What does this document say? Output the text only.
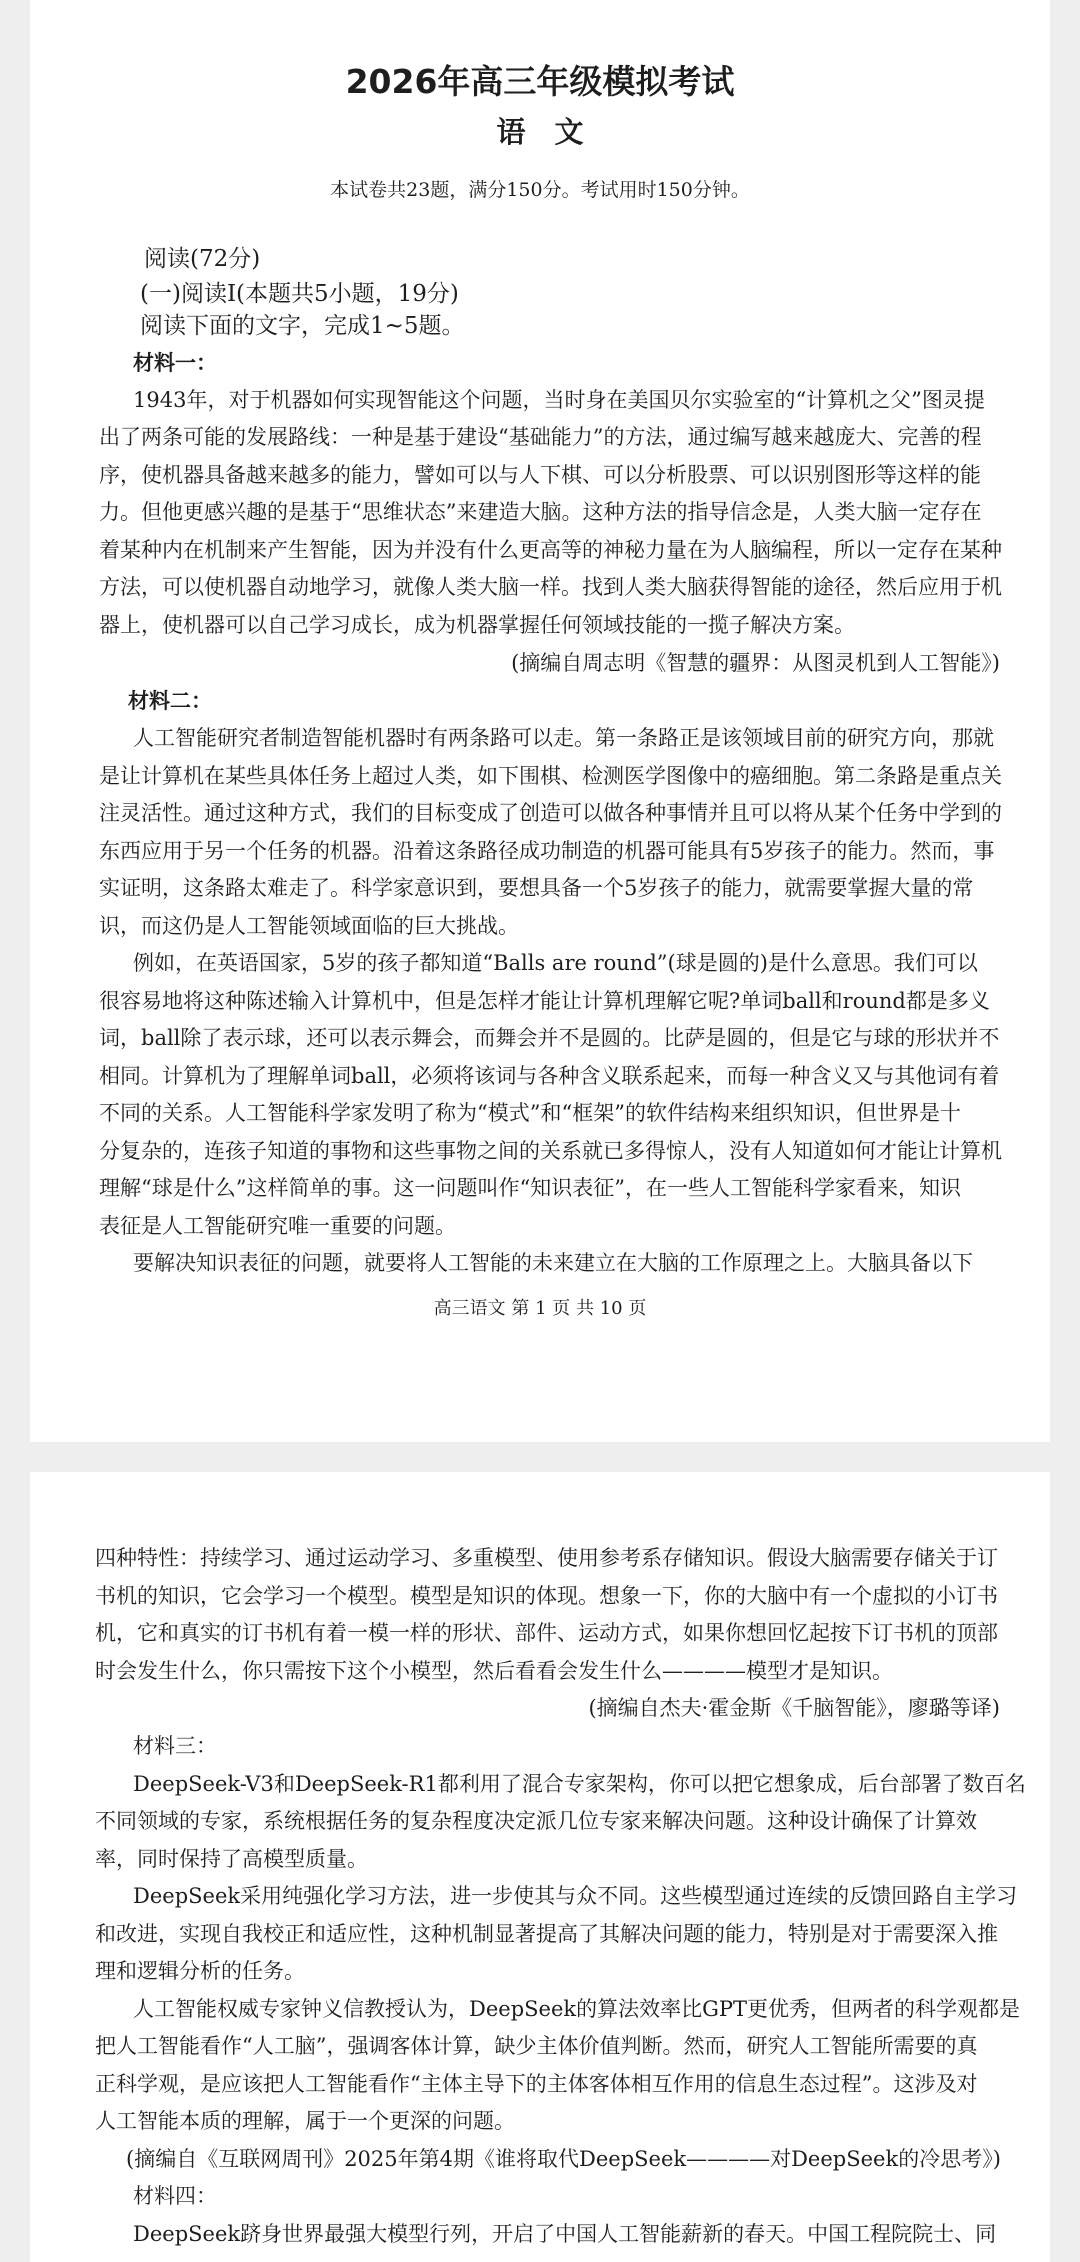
2026年高三年级模拟考试
语　文

本试卷共23题，满分150分。考试用时150分钟。

阅读(72分)

(一)阅读Ⅰ(本题共5小题，19分)

阅读下面的文字，完成1~5题。

材料一：

1943年，对于机器如何实现智能这个问题，当时身在美国贝尔实验室的“计算机之父”图灵提

出了两条可能的发展路线：一种是基于建设“基础能力”的方法，通过编写越来越庞大、完善的程

序，使机器具备越来越多的能力，譬如可以与人下棋、可以分析股票、可以识别图形等这样的能

力。但他更感兴趣的是基于“思维状态”来建造大脑。这种方法的指导信念是，人类大脑一定存在

着某种内在机制来产生智能，因为并没有什么更高等的神秘力量在为人脑编程，所以一定存在某种

方法，可以使机器自动地学习，就像人类大脑一样。找到人类大脑获得智能的途径，然后应用于机

器上，使机器可以自己学习成长，成为机器掌握任何领域技能的一揽子解决方案。

(摘编自周志明《智慧的疆界：从图灵机到人工智能》)

材料二：

人工智能研究者制造智能机器时有两条路可以走。第一条路正是该领域目前的研究方向，那就

是让计算机在某些具体任务上超过人类，如下围棋、检测医学图像中的癌细胞。第二条路是重点关

注灵活性。通过这种方式，我们的目标变成了创造可以做各种事情并且可以将从某个任务中学到的

东西应用于另一个任务的机器。沿着这条路径成功制造的机器可能具有5岁孩子的能力。然而，事

实证明，这条路太难走了。科学家意识到，要想具备一个5岁孩子的能力，就需要掌握大量的常

识，而这仍是人工智能领域面临的巨大挑战。

例如，在英语国家，5岁的孩子都知道“Balls are round”(球是圆的)是什么意思。我们可以

很容易地将这种陈述输入计算机中，但是怎样才能让计算机理解它呢?单词ball和round都是多义

词，ball除了表示球，还可以表示舞会，而舞会并不是圆的。比萨是圆的，但是它与球的形状并不

相同。计算机为了理解单词ball，必须将该词与各种含义联系起来，而每一种含义又与其他词有着

不同的关系。人工智能科学家发明了称为“模式”和“框架”的软件结构来组织知识，但世界是十

分复杂的，连孩子知道的事物和这些事物之间的关系就已多得惊人，没有人知道如何才能让计算机

理解“球是什么”这样简单的事。这一问题叫作“知识表征”，在一些人工智能科学家看来，知识

表征是人工智能研究唯一重要的问题。

要解决知识表征的问题，就要将人工智能的未来建立在大脑的工作原理之上。大脑具备以下

高三语文 第 1 页 共 10 页

四种特性：持续学习、通过运动学习、多重模型、使用参考系存储知识。假设大脑需要存储关于订

书机的知识，它会学习一个模型。模型是知识的体现。想象一下，你的大脑中有一个虚拟的小订书

机，它和真实的订书机有着一模一样的形状、部件、运动方式，如果你想回忆起按下订书机的顶部

时会发生什么，你只需按下这个小模型，然后看看会发生什么————模型才是知识。

(摘编自杰夫·霍金斯《千脑智能》，廖璐等译)

材料三：

DeepSeek-V3和DeepSeek-R1都利用了混合专家架构，你可以把它想象成，后台部署了数百名

不同领域的专家，系统根据任务的复杂程度决定派几位专家来解决问题。这种设计确保了计算效

率，同时保持了高模型质量。

DeepSeek采用纯强化学习方法，进一步使其与众不同。这些模型通过连续的反馈回路自主学习

和改进，实现自我校正和适应性，这种机制显著提高了其解决问题的能力，特别是对于需要深入推

理和逻辑分析的任务。

人工智能权威专家钟义信教授认为，DeepSeek的算法效率比GPT更优秀，但两者的科学观都是

把人工智能看作“人工脑”，强调客体计算，缺少主体价值判断。然而，研究人工智能所需要的真

正科学观，是应该把人工智能看作“主体主导下的主体客体相互作用的信息生态过程”。这涉及对

人工智能本质的理解，属于一个更深的问题。

(摘编自《互联网周刊》2025年第4期《谁将取代DeepSeek————对DeepSeek的冷思考》)

材料四：

DeepSeek跻身世界最强大模型行列，开启了中国人工智能薪新的春天。中国工程院院士、同
